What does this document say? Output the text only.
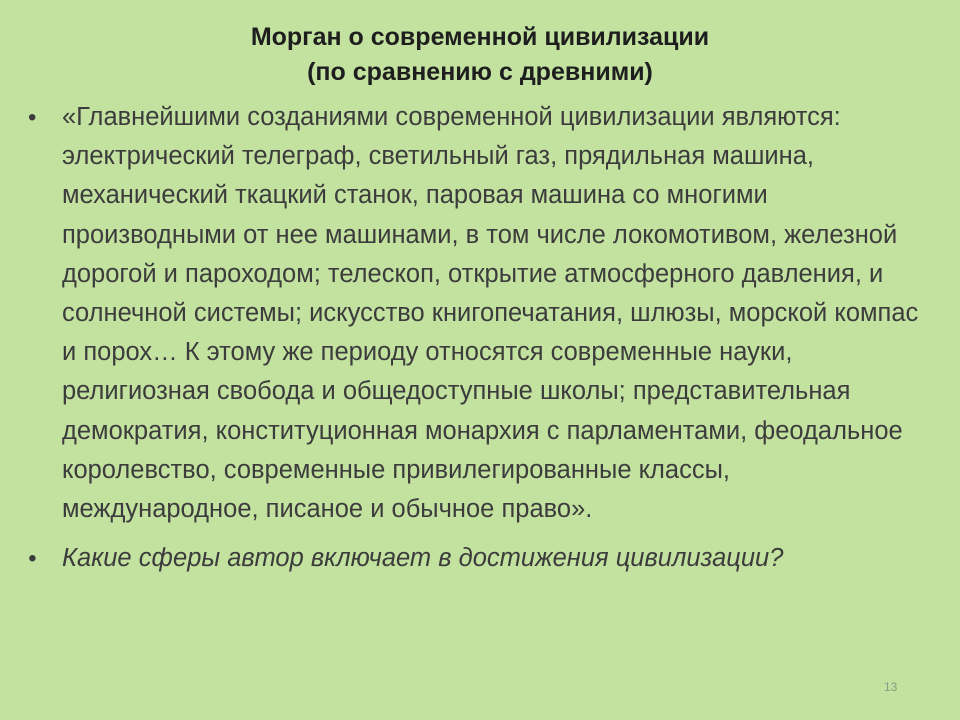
Морган о современной цивилизации
(по сравнению с древними)
• «Главнейшими созданиями современной цивилизации являются: электрический телеграф, светильный газ, прядильная машина, механический ткацкий станок, паровая машина со многими производными от нее машинами, в том числе локомотивом, железной дорогой и пароходом; телескоп, открытие атмосферного давления, и солнечной системы; искусство книгопечатания, шлюзы, морской компас и порох… К этому же периоду относятся современные науки, религиозная свобода и общедоступные школы; представительная демократия, конституционная монархия с парламентами, феодальное королевство, современные привилегированные классы, международное, писаное и обычное право».
• Какие сферы автор включает в достижения цивилизации?
13
